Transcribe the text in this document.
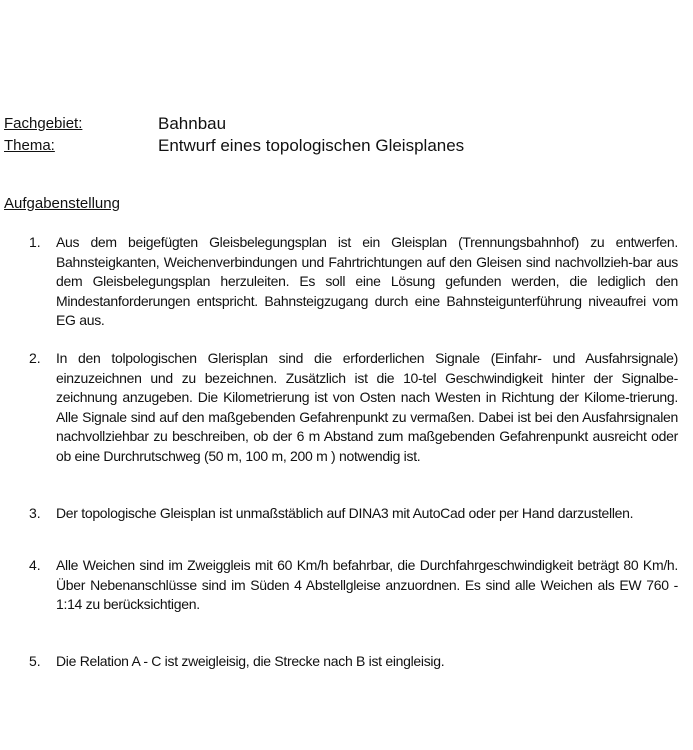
Fachgebiet:	Bahnbau
Thema:	Entwurf eines topologischen Gleisplanes
Aufgabenstellung
1. Aus dem beigefügten Gleisbelegungsplan ist ein Gleisplan (Trennungsbahnhof) zu entwerfen. Bahnsteigkanten, Weichenverbindungen und Fahrtrichtungen auf den Gleisen sind nachvollzieh-bar aus dem Gleisbelegungsplan herzuleiten. Es soll eine Lösung gefunden werden, die lediglich den Mindestanforderungen entspricht. Bahnsteigzugang durch eine Bahnsteigunterführung niveaufrei vom EG aus.
2. In den tolpologischen Glerisplan sind die erforderlichen Signale (Einfahr- und Ausfahrsignale) einzuzeichnen und zu bezeichnen. Zusätzlich ist die 10-tel Geschwindigkeit hinter der Signalbe-zeichnung anzugeben. Die Kilometrierung ist von Osten nach Westen in Richtung der Kilome-trierung. Alle Signale sind auf den maßgebenden Gefahrenpunkt zu vermaßen. Dabei ist bei den Ausfahrsignalen nachvollziehbar zu beschreiben, ob der 6 m Abstand zum maßgebenden Gefahrenpunkt ausreicht oder ob eine Durchrutschweg (50 m, 100 m, 200 m ) notwendig ist.
3. Der topologische Gleisplan ist unmaßstäblich auf DINA3 mit AutoCad oder per Hand darzustellen.
4. Alle Weichen sind im Zweiggleis mit 60 Km/h befahrbar, die Durchfahrgeschwindigkeit beträgt 80 Km/h. Über Nebenanschlüsse sind im Süden 4 Abstellgleise anzuordnen. Es sind alle Weichen als EW 760 - 1:14 zu berücksichtigen.
5. Die Relation A - C ist zweigleisig, die Strecke nach B ist eingleisig.
